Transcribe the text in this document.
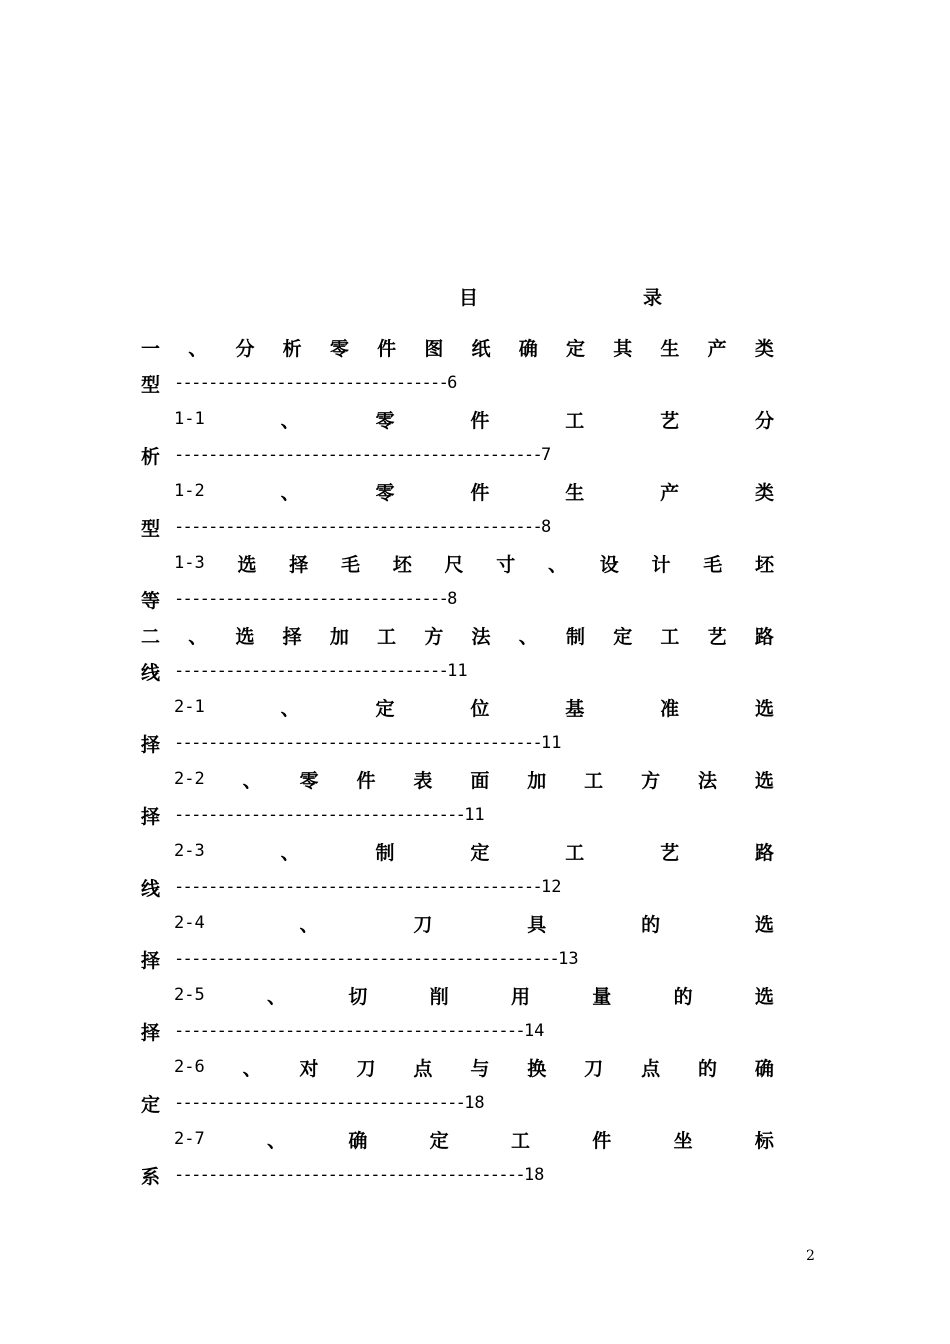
目	录
一 、 分 析 零 件 图 纸 确 定 其 生 产 类
型 -------------------------------- 6
1-1	、	零	件	工	艺	分
析 ------------------------------------------- 7
1-2	、	零	件	生	产	类
型 ------------------------------------------- 8
1-3 选 择 毛 坯 尺 寸 、 设 计 毛 坯
等 -------------------------------- 8
二 、 选 择 加 工 方 法 、 制 定 工 艺 路
线 -------------------------------- 11
2-1	、	定	位	基	准	选
择 ------------------------------------------- 11
2-2 、 零 件 表 面 加 工 方 法 选
择 ---------------------------------- 11
2-3	、	制	定	工	艺	路
线 ------------------------------------------- 12
2-4	、	刀	具	的	选
择 --------------------------------------------- 13
2-5	、	切	削	用	量	的	选
择 ----------------------------------------- 14
2-6 、 对 刀 点 与 换 刀 点 的 确
定 ---------------------------------- 18
2-7	、	确	定	工	件	坐	标
系 ----------------------------------------- 18
2
